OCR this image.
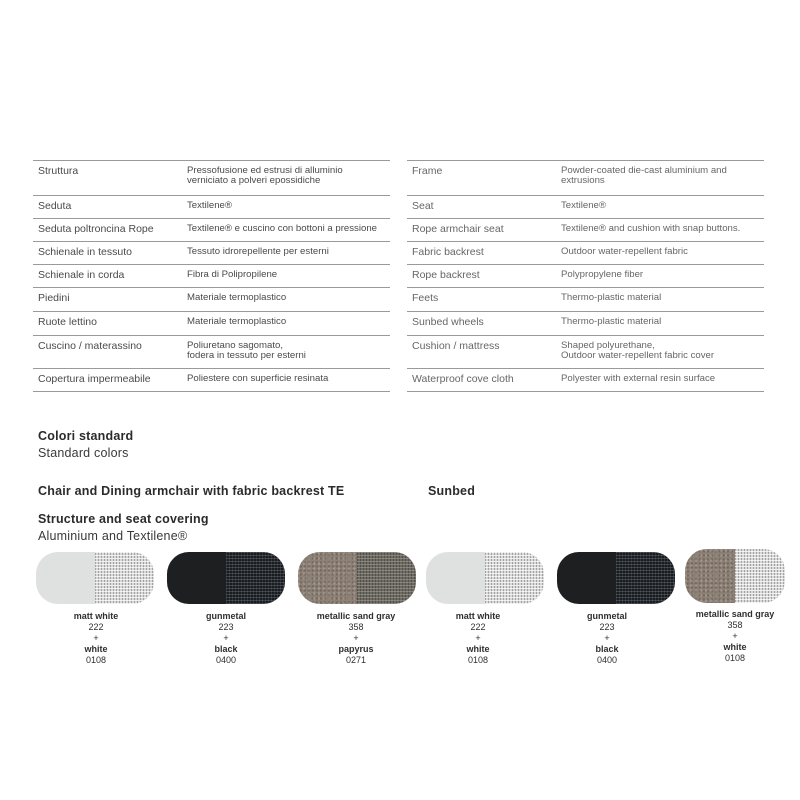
Struttura	Pressofusione ed estrusi di alluminio
verniciato a polveri epossidiche
Seduta	Textilene®
Seduta poltroncina Rope	Textilene® e cuscino con bottoni a pressione
Schienale in tessuto	Tessuto idrorepellente per esterni
Schienale in corda	Fibra di Polipropilene
Piedini	Materiale termoplastico
Ruote lettino	Materiale termoplastico
Cuscino / materassino	Poliuretano sagomato,
fodera in tessuto per esterni
Copertura impermeabile	Poliestere con superficie resinata
Frame	Powder-coated die-cast aluminium and
extrusions
Seat	Textilene®
Rope armchair seat	Textilene® and cushion with snap buttons.
Fabric backrest	Outdoor water-repellent fabric
Rope backrest	Polypropylene fiber
Feets	Thermo-plastic material
Sunbed wheels	Thermo-plastic material
Cushion / mattress	Shaped polyurethane,
Outdoor water-repellent fabric cover
Waterproof cove cloth	Polyester with external resin surface
Colori standard
Standard colors
Chair and Dining armchair with fabric backrest TE	Sunbed
Structure and seat covering
Aluminium and Textilene®
matt white
222
+
white
0108
gunmetal
223
+
black
0400
metallic sand gray
358
+
papyrus
0271
matt white
222
+
white
0108
gunmetal
223
+
black
0400
metallic sand gray
358
+
white
0108
